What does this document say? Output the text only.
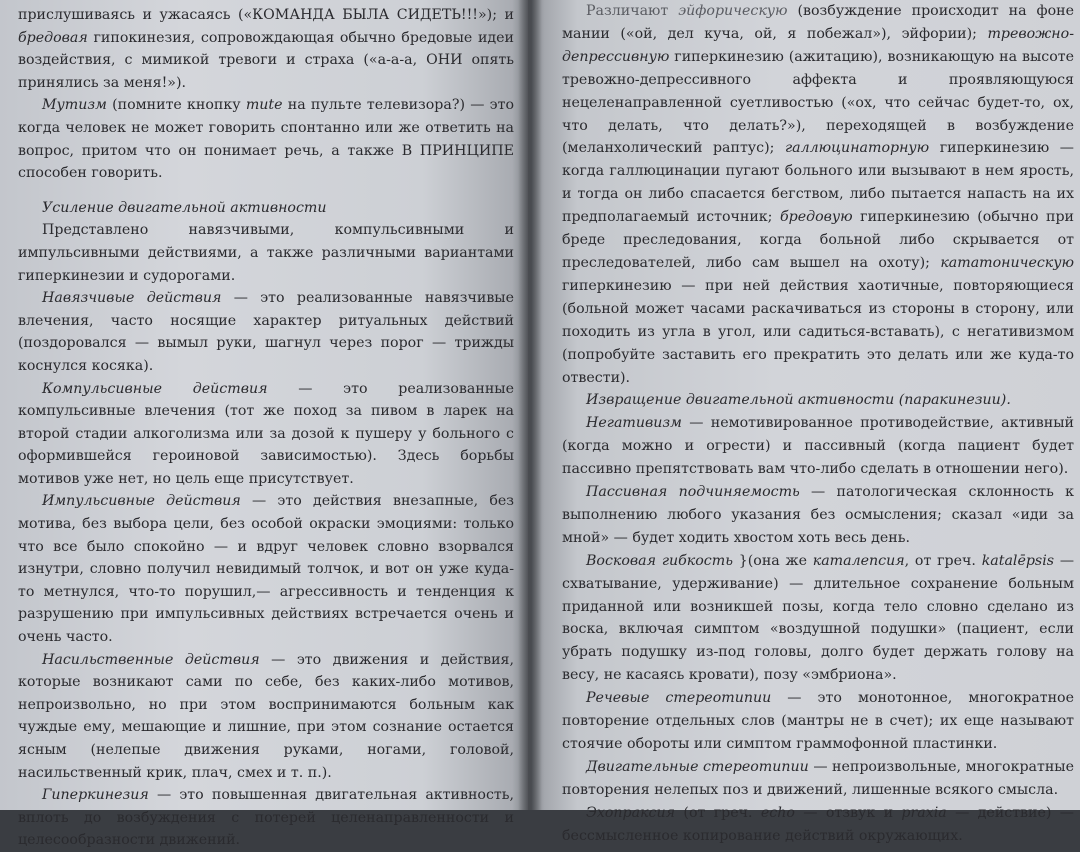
прислушиваясь и ужасаясь («КОМАНДА БЫЛА СИДЕТЬ!!!»); и бредовая гипокинезия, сопровождающая обычно бредовые идеи воздействия, с мимикой тревоги и страха («а-а-а, ОНИ опять принялись за меня!»).

Мутизм (помните кнопку mute на пульте телевизора?) — это когда человек не может говорить спонтанно или же ответить на вопрос, притом что он понимает речь, а также В ПРИНЦИПЕ способен говорить.

Усиление двигательной активности

Представлено навязчивыми, компульсивными и импульсивными действиями, а также различными вариантами гиперкинезии и судорогами.

Навязчивые действия — это реализованные навязчивые влечения, часто носящие характер ритуальных действий (поздоровался — вымыл руки, шагнул через порог — трижды коснулся косяка).

Компульсивные действия — это реализованные компульсивные влечения (тот же поход за пивом в ларек на второй стадии алкоголизма или за дозой к пушеру у больного с оформившейся героиновой зависимостью). Здесь борьбы мотивов уже нет, но цель еще присутствует.

Импульсивные действия — это действия внезапные, без мотива, без выбора цели, без особой окраски эмоциями: только что все было спокойно — и вдруг человек словно взорвался изнутри, словно получил невидимый толчок, и вот он уже куда-то метнулся, что-то порушил,— агрессивность и тенденция к разрушению при импульсивных действиях встречается очень и очень часто.

Насильственные действия — это движения и действия, которые возникают сами по себе, без каких-либо мотивов, непроизвольно, но при этом воспринимаются больным как чуждые ему, мешающие и лишние, при этом сознание остается ясным (нелепые движения руками, ногами, головой, насильственный крик, плач, смех и т. п.).

Гиперкинезия — это повышенная двигательная активность, вплоть до возбуждения с потерей целенаправленности и целесообразности движений.

Различают эйфорическую (возбуждение происходит на фоне мании («ой, дел куча, ой, я побежал»), эйфории); тревожно-депрессивную гиперкинезию (ажитацию), возникающую на высоте тревожно-депрессивного аффекта и проявляющуюся нецеленаправленной суетливостью («ох, что сейчас будет-то, ох, что делать, что делать?»), переходящей в возбуждение (меланхолический раптус); галлюцинаторную гиперкинезию — когда галлюцинации пугают больного или вызывают в нем ярость, и тогда он либо спасается бегством, либо пытается напасть на их предполагаемый источник; бредовую гиперкинезию (обычно при бреде преследования, когда больной либо скрывается от преследователей, либо сам вышел на охоту); кататоническую гиперкинезию — при ней действия хаотичные, повторяющиеся (больной может часами раскачиваться из стороны в сторону, или походить из угла в угол, или садиться-вставать), с негативизмом (попробуйте заставить его прекратить это делать или же куда-то отвести).

Извращение двигательной активности (паракинезии).

Негативизм — немотивированное противодействие, активный (когда можно и огрести) и пассивный (когда пациент будет пассивно препятствовать вам что-либо сделать в отношении него).

Пассивная подчиняемость — патологическая склонность к выполнению любого указания без осмысления; сказал «иди за мной» — будет ходить хвостом хоть весь день.

Восковая гибкость }(она же каталепсия, от греч. katalēpsis — схватывание, удерживание) — длительное сохранение больным приданной или возникшей позы, когда тело словно сделано из воска, включая симптом «воздушной подушки» (пациент, если убрать подушку из-под головы, долго будет держать голову на весу, не касаясь кровати), позу «эмбриона».

Речевые стереотипии — это монотонное, многократное повторение отдельных слов (мантры не в счет); их еще называют стоячие обороты или симптом граммофонной пластинки.

Двигательные стереотипии — непроизвольные, многократные повторения нелепых поз и движений, лишенные всякого смысла.

Эхопраксия (от греч. echo — отзвук и praxia — действие) — бессмысленное копирование действий окружающих.
